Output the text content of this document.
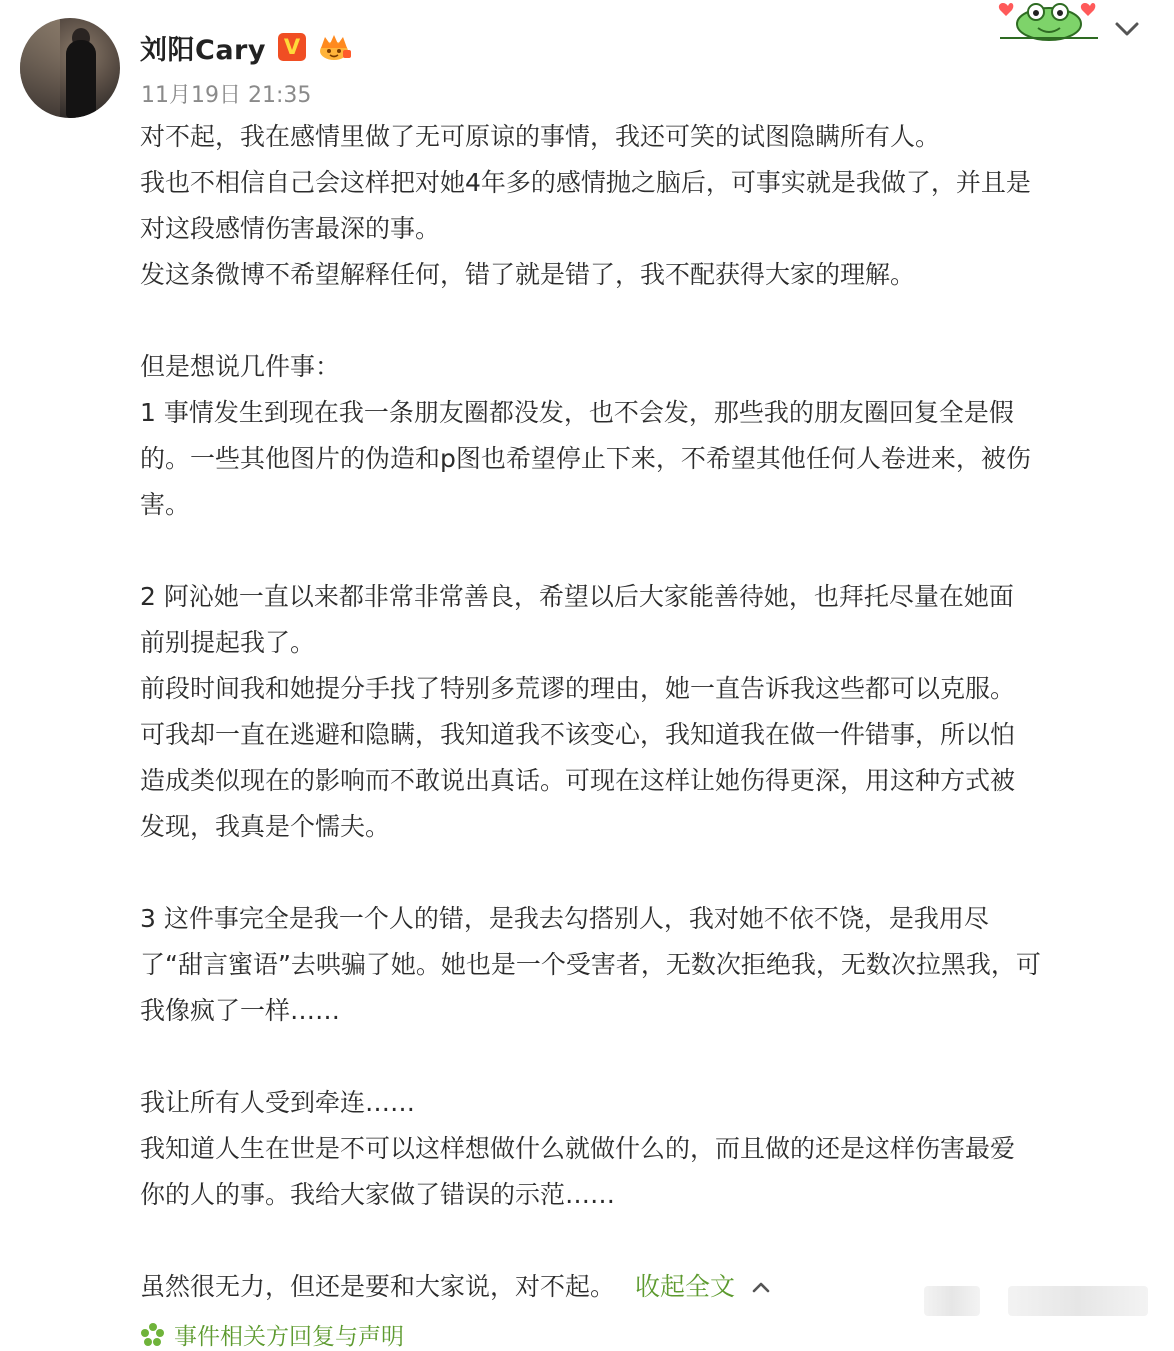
刘阳Cary V
11月19日 21:35

对不起，我在感情里做了无可原谅的事情，我还可笑的试图隐瞒所有人。

我也不相信自己会这样把对她4年多的感情抛之脑后，可事实就是我做了，并且是

对这段感情伤害最深的事。

发这条微博不希望解释任何，错了就是错了，我不配获得大家的理解。

但是想说几件事：

1 事情发生到现在我一条朋友圈都没发，也不会发，那些我的朋友圈回复全是假

的。一些其他图片的伪造和p图也希望停止下来，不希望其他任何人卷进来，被伤

害。

2 阿沁她一直以来都非常非常善良，希望以后大家能善待她，也拜托尽量在她面

前别提起我了。

前段时间我和她提分手找了特别多荒谬的理由，她一直告诉我这些都可以克服。

可我却一直在逃避和隐瞒，我知道我不该变心，我知道我在做一件错事，所以怕

造成类似现在的影响而不敢说出真话。可现在这样让她伤得更深，用这种方式被

发现，我真是个懦夫。

3 这件事完全是我一个人的错，是我去勾搭别人，我对她不依不饶，是我用尽

了“甜言蜜语”去哄骗了她。她也是一个受害者，无数次拒绝我，无数次拉黑我，可

我像疯了一样……

我让所有人受到牵连……

我知道人生在世是不可以这样想做什么就做什么的，而且做的还是这样伤害最爱

你的人的事。我给大家做了错误的示范……

虽然很无力，但还是要和大家说，对不起。 收起全文
事件相关方回复与声明
